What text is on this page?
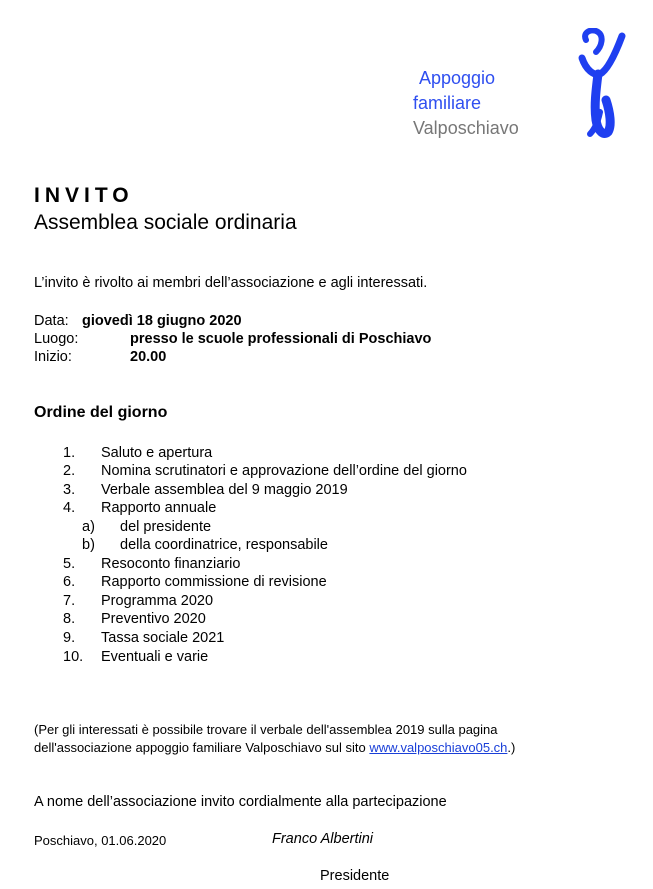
Appoggio
familiare
Valposchiavo
INVITO
Assemblea sociale ordinaria
L’invito è rivolto ai membri dell’associazione e agli interessati.
Data: giovedì 18 giugno 2020
Luogo:	presso le scuole professionali di Poschiavo
Inizio:	20.00
Ordine del giorno
1. Saluto e apertura
2. Nomina scrutinatori e approvazione dell’ordine del giorno
3. Verbale assemblea del 9 maggio 2019
4. Rapporto annuale
a) del presidente
b) della coordinatrice, responsabile
5. Resoconto finanziario
6. Rapporto commissione di revisione
7. Programma 2020
8. Preventivo 2020
9. Tassa sociale 2021
10. Eventuali e varie
(Per gli interessati è possibile trovare il verbale dell'assemblea 2019 sulla pagina
dell'associazione appoggio familiare Valposchiavo sul sito www.valposchiavo05.ch.)
A nome dell’associazione invito cordialmente alla partecipazione
Poschiavo, 01.06.2020	Franco Albertini
Presidente
